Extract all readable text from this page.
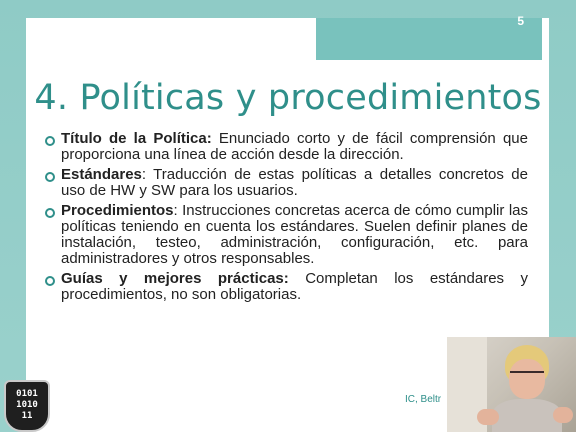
5
4. Políticas y procedimientos
Título de la Política: Enunciado corto y de fácil comprensión que proporciona una línea de acción desde la dirección.
Estándares: Traducción de estas políticas a detalles concretos de uso de HW y SW para los usuarios.
Procedimientos: Instrucciones concretas acerca de cómo cumplir las políticas teniendo en cuenta los estándares. Suelen definir planes de instalación, testeo, administración, configuración, etc. para administradores y otros responsables.
Guías y mejores prácticas: Completan los estándares y procedimientos, no son obligatorias.
IC, Beltr
0101
1010
11
